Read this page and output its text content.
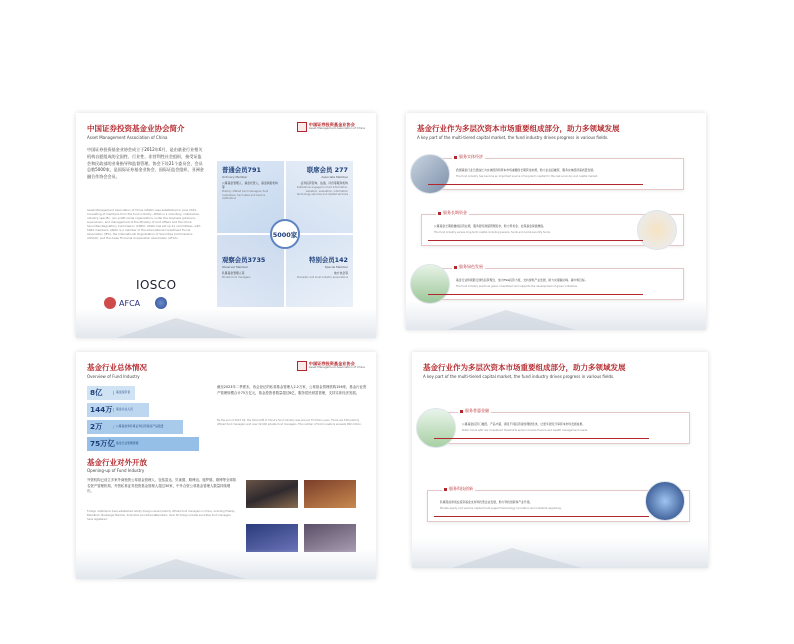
中国证券投资基金业协会简介
Asset Management Association of China
中国证券投资基金业协会
Asset Management Association of China
中国证券投资基金业协会成立于2012年6月，是由基金行业相关机构自愿组成的全国性、行业性、非营利性社会组织，接受证监会和民政部的业务指导和监督管理。协会下设21个委员会，会员总数5000家，是国际证券基金业协会、国际证监会组织、亚洲金融合作协会会员。
Asset Management Association of China (AMAC) was established in June 2012. Consisting of members from the fund industry, AMAC is a voluntary, nationwide, industry specific, non-profit social organization, under the business guidance, supervision, and management of the Ministry of Civil Affairs and the China Securities Regulatory Commission (CSRC). AMAC has set up 21 committees, with 5000 members. AMAC is a member of the International Investment Funds Association (IIFA), the International Organization of Securities Commissions (IOSCO), and the Asian Financial Cooperation Association (AFCA).
IOSCO
AFCA
普通会员791
Ordinary Member
公募基金管理人、基金托管人、基金销售机构等
Publicly offered fund managers, fund custodians, fund sales and service institutions
联席会员 277
Associate Member
证券投资咨询、估值、评价等服务机构
Institutions engaged in fund information, valuation, evaluation, information technology services and related services
观察会员3735
Observer Member
私募基金管理人等
Private fund managers
特别会员142
Special Member
地方协会等
Domestic and local industry associations
5000家
基金行业作为多层次资本市场重要组成部分，助力多领域发展
A key part of the multi-tiered capital market, the fund industry drives progress in various fields.
服务实体经济
我国基金行业已经成长为实体经济和资本市场重要的长期资金来源，助力企业投融资，服务实体经济高质量发展。
The fund industry has become an important source of long-term capital for the real economy and capital market.
服务长期资金
公募基金长期稳健的投资业绩，服务居民财富管理需求，助力养老金、社保基金保值增值。
The fund industry serves long-term capital including pension funds and social security funds.
服务绿色发展
基金行业积极践行绿色投资理念，加大ESG投资力度，支持绿色产业发展，助力实现碳达峰、碳中和目标。
The fund industry practices green investment and supports the development of green industries.
基金行业总体情况
Overview of Fund Industry
中国证券投资基金业协会
Asset Management Association of China
8亿	基金投资者
144万	基金从业人员
2万	公募基金和私募证券投资基金产品数量
75万亿 基金行业管理规模
截至2023年二季度末，协会登记的私募基金管理人2.2万家，公募基金管理机构156家，基金行业资产管理规模合计75万亿元，基金投资者数量超过8亿，服务居民财富管理，支持实体经济发展。
By the end of 2023 Q2, the total AUM of China's fund industry was around 75 trillion yuan. There are 156 publicly offered fund managers and over 22,000 private fund managers. The number of fund investors exceeds 800 million.
基金行业对外开放
Opening-up of Fund Industry
外资机构已设立多家外商独资公募基金管理人，包括富达、贝莱德、路博迈、施罗德、联博等全球知名资产管理机构，外资私募证券投资基金管理人超过30家，中外合资公募基金管理人数量持续增长。
Foreign institutions have established wholly foreign-owned publicly offered fund managers in China, including Fidelity, BlackRock, Neuberger Berman, Schroders and AllianceBernstein. Over 30 foreign private securities fund managers have registered.
基金行业作为多层次资本市场重要组成部分，助力多领域发展
A key part of the multi-tiered capital market, the fund industry drives progress in various fields.
服务普惠金融
公募基金投资门槛低、产品丰富，满足不同投资者的理财需求，让更多居民分享资本市场发展成果。
Public funds with low investment thresholds serve inclusive finance and wealth management needs.
服务科技创新
私募股权和创业投资基金支持科技型企业发展，助力科技创新和产业升级。
Private equity and venture capital funds support technology innovation and industrial upgrading.
